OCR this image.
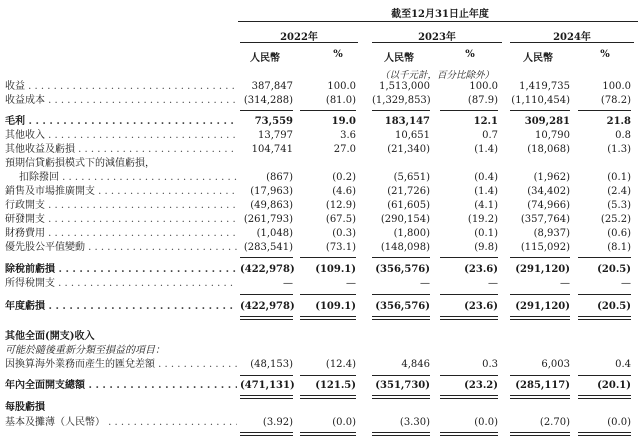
截至12月31日止年度
2022年	2023年	2024年
人民幣	%	人民幣	%	人民幣	%
（以千元計，百分比除外）
收益 . . .	387,847	100.0	1,513,000	100.0	1,419,735	100.0
收益成本 . . .	(314,288)	(81.0) (1,329,853)	(87.9) (1,110,454)	(78.2)
毛利 . . .	73,559	19.0	183,147	12.1	309,281	21.8
其他收入 . . .	13,797	3.6	10,651	0.7	10,790	0.8
其他收益及虧損 . . .	104,741	27.0	(21,340)	(1.4)	(18,068)	(1.3)
預期信貸虧損模式下的減值虧損，
扣除撥回 . . .	(867)	(0.2)	(5,651)	(0.4)	(1,962)	(0.1)
銷售及市場推廣開支 . . .	(17,963)	(4.6)	(21,726)	(1.4)	(34,402)	(2.4)
行政開支 . . .	(49,863)	(12.9)	(61,605)	(4.1)	(74,966)	(5.3)
研發開支 . . .	(261,793)	(67.5)	(290,154)	(19.2)	(357,764)	(25.2)
財務費用 . . .	(1,048)	(0.3)	(1,800)	(0.1)	(8,937)	(0.6)
優先股公平值變動 . . .	(283,541)	(73.1)	(148,098)	(9.8)	(115,092)	(8.1)
除稅前虧損 . . .	(422,978)	(109.1)	(356,576)	(23.6)	(291,120)	(20.5)
所得稅開支 . . .	—	—	—	—	—	—
年度虧損 . . .	(422,978)	(109.1)	(356,576)	(23.6)	(291,120)	(20.5)
其他全面(開支)收入
可能於隨後重新分類至損益的項目：
因換算海外業務而產生的匯兌差額 . . .	(48,153)	(12.4)	4,846	0.3	6,003	0.4
年內全面開支總額 . . .	(471,131)	(121.5)	(351,730)	(23.2)	(285,117)	(20.1)
每股虧損
基本及攤薄（人民幣） . . .	(3.92)	(0.0)	(3.30)	(0.0)	(2.70)	(0.0)
